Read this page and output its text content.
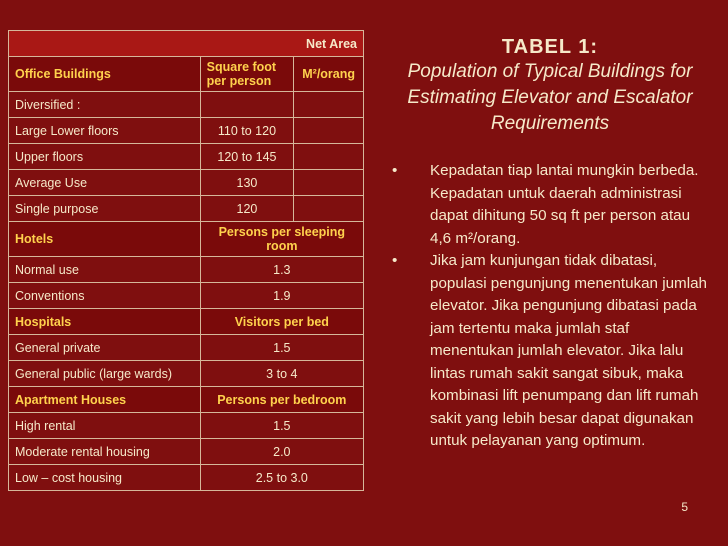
Net Area		

Office Buildings	Square foot per person	M²/orang
Diversified :		
Large Lower floors	110 to 120	
Upper floors	120 to 145	
Average Use	130	
Single purpose	120	
Hotels	Persons per sleeping room	
Normal use	1.3	
Conventions	1.9	
Hospitals	Visitors per bed	
General private	1.5	
General public (large wards)	3 to 4	
Apartment Houses	Persons per bedroom	
High rental	1.5	
Moderate rental housing	2.0	
Low – cost housing	2.5 to 3.0	
TABEL 1:
Population of Typical Buildings for Estimating Elevator and Escalator Requirements
•	Kepadatan tiap lantai mungkin berbeda. Kepadatan untuk daerah administrasi dapat dihitung 50 sq ft per person atau 4,6 m²/orang.
•	Jika jam kunjungan tidak dibatasi, populasi pengunjung menentukan jumlah elevator. Jika pengunjung dibatasi pada jam tertentu maka jumlah staf menentukan jumlah elevator. Jika lalu lintas rumah sakit sangat sibuk, maka kombinasi lift penumpang dan lift rumah sakit yang lebih besar dapat digunakan untuk pelayanan yang optimum.
5
